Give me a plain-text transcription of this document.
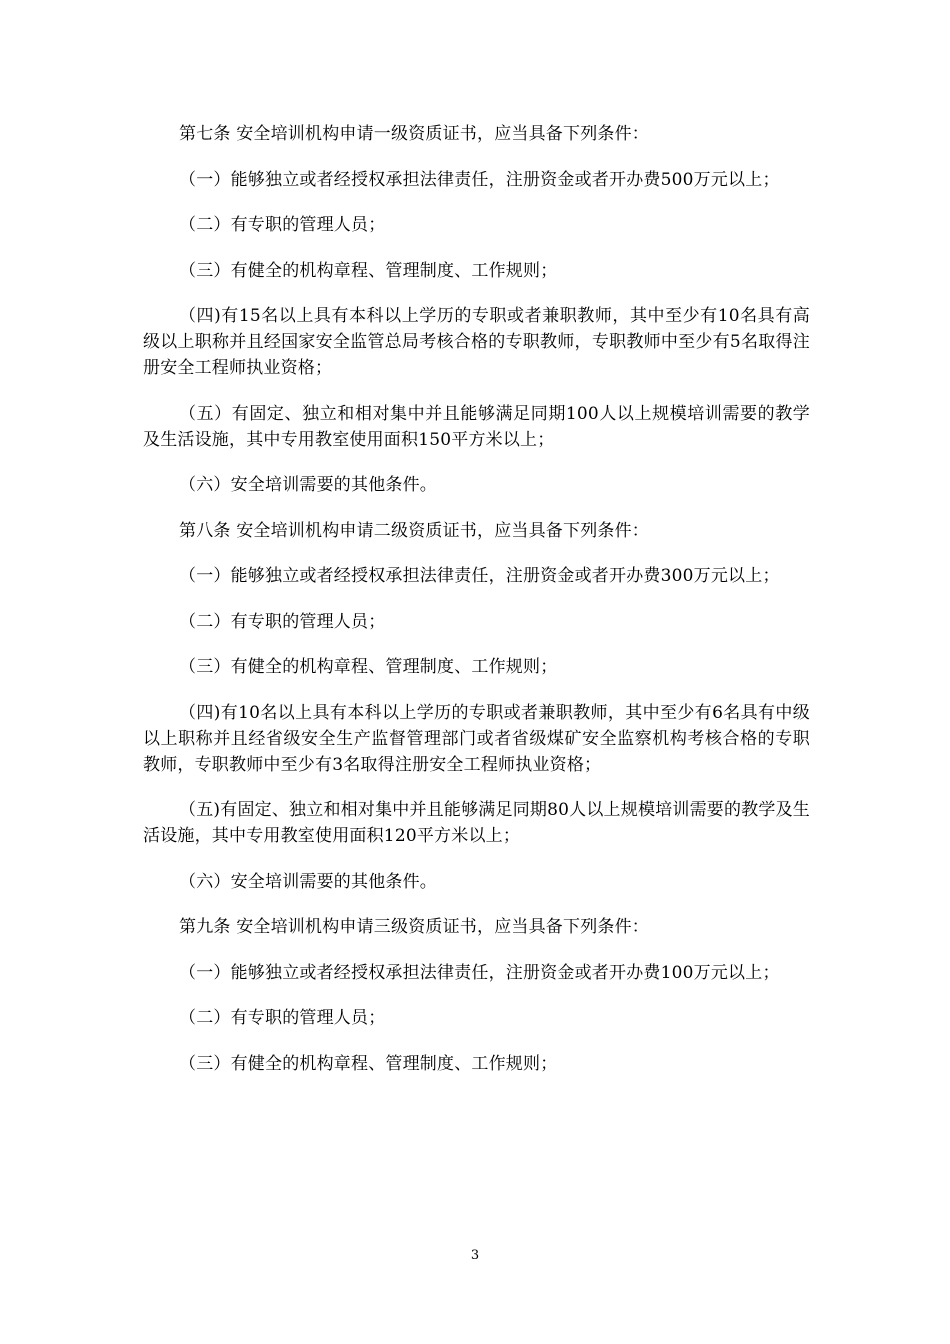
第七条 安全培训机构申请一级资质证书，应当具备下列条件：

（一）能够独立或者经授权承担法律责任，注册资金或者开办费500万元以上；

（二）有专职的管理人员；

（三）有健全的机构章程、管理制度、工作规则；

（四)有15名以上具有本科以上学历的专职或者兼职教师，其中至少有10名具有高级以上职称并且经国家安全监管总局考核合格的专职教师，专职教师中至少有5名取得注册安全工程师执业资格；

（五）有固定、独立和相对集中并且能够满足同期100人以上规模培训需要的教学及生活设施，其中专用教室使用面积150平方米以上；

（六）安全培训需要的其他条件。

第八条 安全培训机构申请二级资质证书，应当具备下列条件：

（一）能够独立或者经授权承担法律责任，注册资金或者开办费300万元以上；

（二）有专职的管理人员；

（三）有健全的机构章程、管理制度、工作规则；

（四)有10名以上具有本科以上学历的专职或者兼职教师，其中至少有6名具有中级以上职称并且经省级安全生产监督管理部门或者省级煤矿安全监察机构考核合格的专职教师，专职教师中至少有3名取得注册安全工程师执业资格；

（五)有固定、独立和相对集中并且能够满足同期80人以上规模培训需要的教学及生活设施，其中专用教室使用面积120平方米以上；

（六）安全培训需要的其他条件。

第九条 安全培训机构申请三级资质证书，应当具备下列条件：

（一）能够独立或者经授权承担法律责任，注册资金或者开办费100万元以上；

（二）有专职的管理人员；

（三）有健全的机构章程、管理制度、工作规则；

3
